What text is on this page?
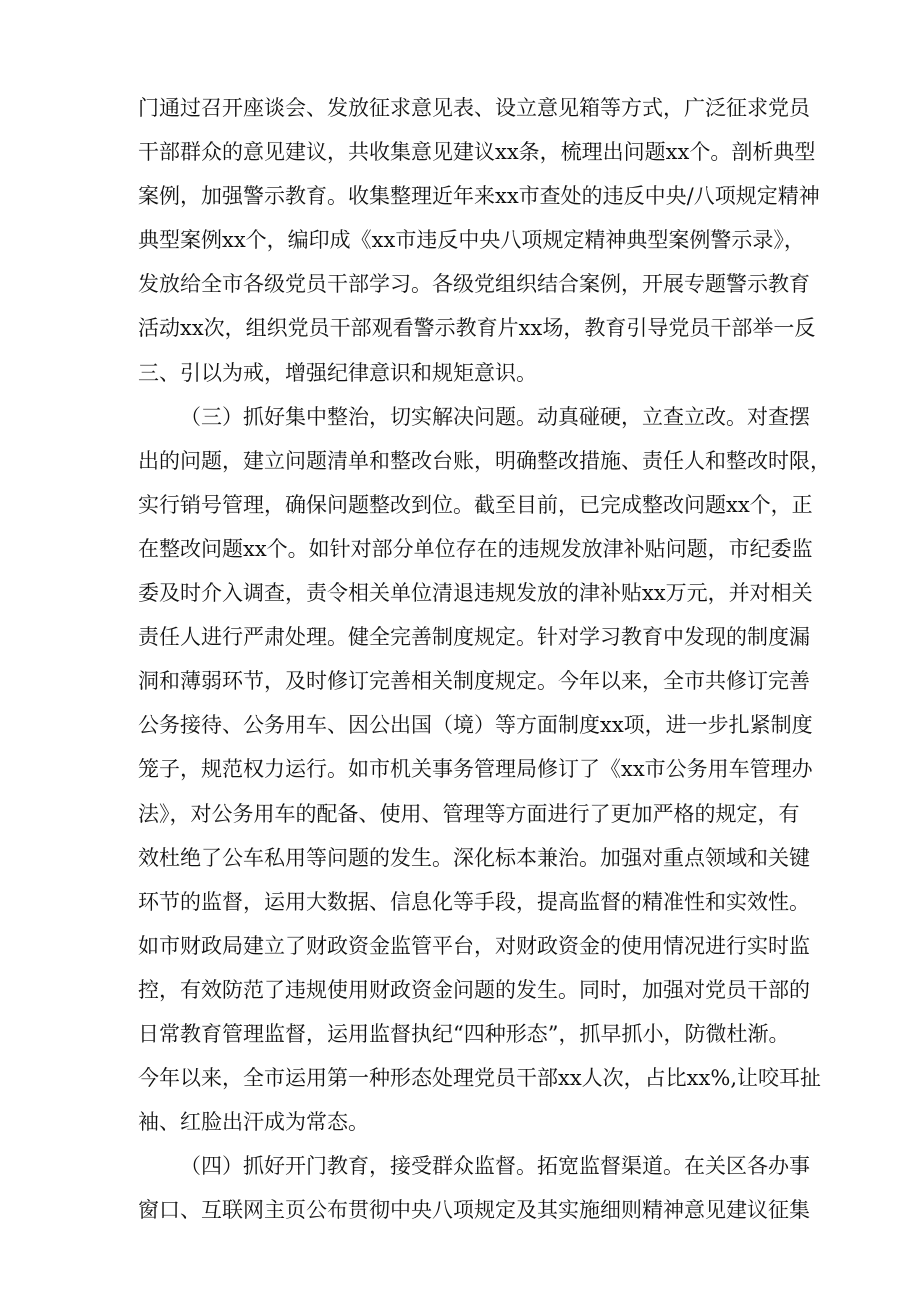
门通过召开座谈会、发放征求意见表、设立意见箱等方式，广泛征求党员
干部群众的意见建议，共收集意见建议xx条，梳理出问题xx个。剖析典型
案例，加强警示教育。收集整理近年来xx市查处的违反中央/八项规定精神
典型案例xx个，编印成《xx市违反中央八项规定精神典型案例警示录》，
发放给全市各级党员干部学习。各级党组织结合案例，开展专题警示教育
活动xx次，组织党员干部观看警示教育片xx场，教育引导党员干部举一反
三、引以为戒，增强纪律意识和规矩意识。
（三）抓好集中整治，切实解决问题。动真碰硬，立查立改。对查摆
出的问题，建立问题清单和整改台账，明确整改措施、责任人和整改时限，
实行销号管理，确保问题整改到位。截至目前，已完成整改问题xx个，正
在整改问题xx个。如针对部分单位存在的违规发放津补贴问题，市纪委监
委及时介入调查，责令相关单位清退违规发放的津补贴xx万元，并对相关
责任人进行严肃处理。健全完善制度规定。针对学习教育中发现的制度漏
洞和薄弱环节，及时修订完善相关制度规定。今年以来，全市共修订完善
公务接待、公务用车、因公出国（境）等方面制度xx项，进一步扎紧制度
笼子，规范权力运行。如市机关事务管理局修订了《xx市公务用车管理办
法》，对公务用车的配备、使用、管理等方面进行了更加严格的规定，有
效杜绝了公车私用等问题的发生。深化标本兼治。加强对重点领域和关键
环节的监督，运用大数据、信息化等手段，提高监督的精准性和实效性。
如市财政局建立了财政资金监管平台，对财政资金的使用情况进行实时监
控，有效防范了违规使用财政资金问题的发生。同时，加强对党员干部的
日常教育管理监督，运用监督执纪“四种形态”，抓早抓小，防微杜渐。
今年以来，全市运用第一种形态处理党员干部xx人次，占比xx%,让咬耳扯
袖、红脸出汗成为常态。
（四）抓好开门教育，接受群众监督。拓宽监督渠道。在关区各办事
窗口、互联网主页公布贯彻中央八项规定及其实施细则精神意见建议征集
